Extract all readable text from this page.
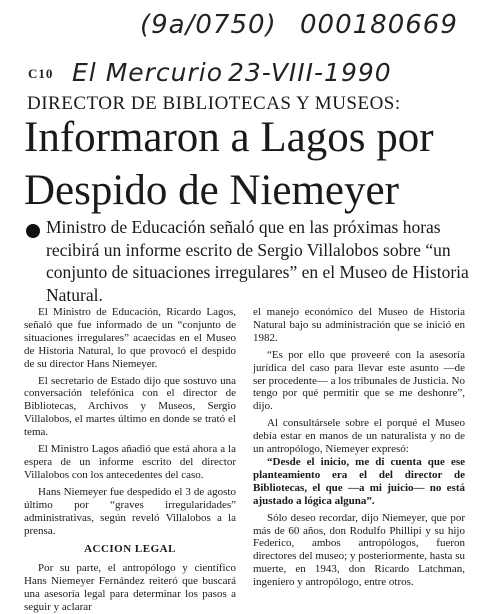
(9a/0750) 000180669
C10 El Mercurio 23-VIII-1990
DIRECTOR DE BIBLIOTECAS Y MUSEOS:
Informaron a Lagos por
Despido de Niemeyer
Ministro de Educación señaló que en las próximas horas recibirá un informe escrito de Sergio Villalobos sobre “un conjunto de situaciones irregulares” en el Museo de Historia Natural.

El Ministro de Educación, Ricardo Lagos, señaló que fue informado de un “conjunto de situaciones irregulares” acaecidas en el Museo de Historia Natural, lo que provocó el despido de su director Hans Niemeyer.

El secretario de Estado dijo que sostuvo una conversación telefónica con el director de Bibliotecas, Archivos y Museos, Sergio Villalobos, el martes último en donde se trató el tema.

El Ministro Lagos añadió que está ahora a la espera de un informe escrito del director Villalobos con los antecedentes del caso.

Hans Niemeyer fue despedido el 3 de agosto último por “graves irregularidades” administrativas, según reveló Villalobos a la prensa.

ACCION LEGAL

Por su parte, el antropólogo y científico Hans Niemeyer Fernández reiteró que buscará una asesoría legal para determinar los pasos a seguir y aclarar

el manejo económico del Museo de Historia Natural bajo su administración que se inició en 1982.

“Es por ello que proveeré con la asesoría jurídica del caso para llevar este asunto —de ser procedente— a los tribunales de Justicia. No tengo por qué permitir que se me deshonre”, dijo.

Al consultársele sobre el porqué el Museo debía estar en manos de un naturalista y no de un antropólogo, Niemeyer expresó:

“Desde el inicio, me di cuenta que ese planteamiento era el del director de Bibliotecas, el que —a mi juicio— no está ajustado a lógica alguna”.

Sólo deseo recordar, dijo Niemeyer, que por más de 60 años, don Rodulfo Phillipi y su hijo Federico, ambos antropólogos, fueron directores del museo; y posteriormente, hasta su muerte, en 1943, don Ricardo Latchman, ingeniero y antropólogo, entre otros.
